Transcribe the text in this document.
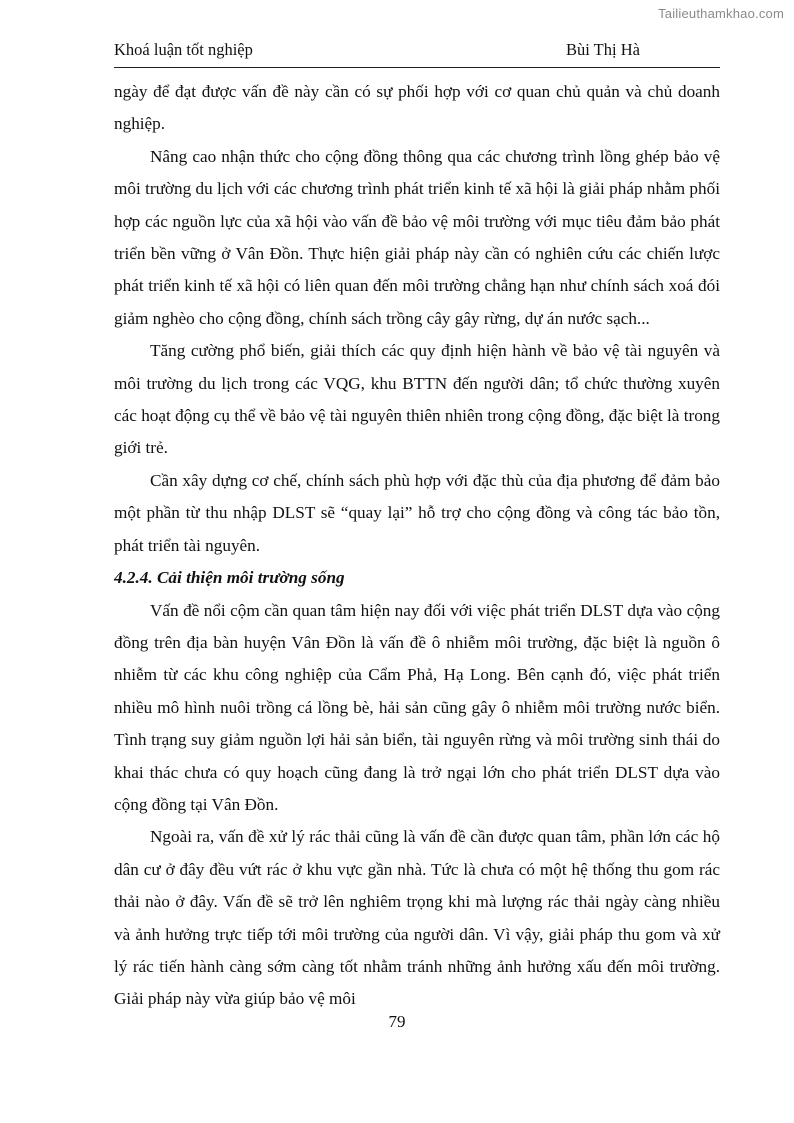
Tailieuthamkhao.com
Khoá luận tốt nghiệp	Bùi Thị Hà

ngày để đạt được vấn đề này cần có sự phối hợp với cơ quan chủ quản và chủ doanh nghiệp.

Nâng cao nhận thức cho cộng đồng thông qua các chương trình lồng ghép bảo vệ môi trường du lịch với các chương trình phát triển kinh tế xã hội là giải pháp nhằm phối hợp các nguồn lực của xã hội vào vấn đề bảo vệ môi trường với mục tiêu đảm bảo phát triển bền vững ở Vân Đồn. Thực hiện giải pháp này cần có nghiên cứu các chiến lược phát triển kinh tế xã hội có liên quan đến môi trường chẳng hạn như chính sách xoá đói giảm nghèo cho cộng đồng, chính sách trồng cây gây rừng, dự án nước sạch...

Tăng cường phổ biến, giải thích các quy định hiện hành về bảo vệ tài nguyên và môi trường du lịch trong các VQG, khu BTTN đến người dân; tổ chức thường xuyên các hoạt động cụ thể về bảo vệ tài nguyên thiên nhiên trong cộng đồng, đặc biệt là trong giới trẻ.

Cần xây dựng cơ chế, chính sách phù hợp với đặc thù của địa phương để đảm bảo một phần từ thu nhập DLST sẽ “quay lại” hỗ trợ cho cộng đồng và công tác bảo tồn, phát triển tài nguyên.

4.2.4. Cải thiện môi trường sống

Vấn đề nổi cộm cần quan tâm hiện nay đối với việc phát triển DLST dựa vào cộng đồng trên địa bàn huyện Vân Đồn là vấn đề ô nhiễm môi trường, đặc biệt là nguồn ô nhiễm từ các khu công nghiệp của Cẩm Phả, Hạ Long. Bên cạnh đó, việc phát triển nhiều mô hình nuôi trồng cá lồng bè, hải sản cũng gây ô nhiễm môi trường nước biển. Tình trạng suy giảm nguồn lợi hải sản biển, tài nguyên rừng và môi trường sinh thái do khai thác chưa có quy hoạch cũng đang là trở ngại lớn cho phát triển DLST dựa vào cộng đồng tại Vân Đồn.

Ngoài ra, vấn đề xử lý rác thải cũng là vấn đề cần được quan tâm, phần lớn các hộ dân cư ở đây đều vứt rác ở khu vực gần nhà. Tức là chưa có một hệ thống thu gom rác thải nào ở đây. Vấn đề sẽ trở lên nghiêm trọng khi mà lượng rác thải ngày càng nhiều và ảnh hưởng trực tiếp tới môi trường của người dân. Vì vậy, giải pháp thu gom và xử lý rác tiến hành càng sớm càng tốt nhằm tránh những ảnh hưởng xấu đến môi trường. Giải pháp này vừa giúp bảo vệ môi

79
